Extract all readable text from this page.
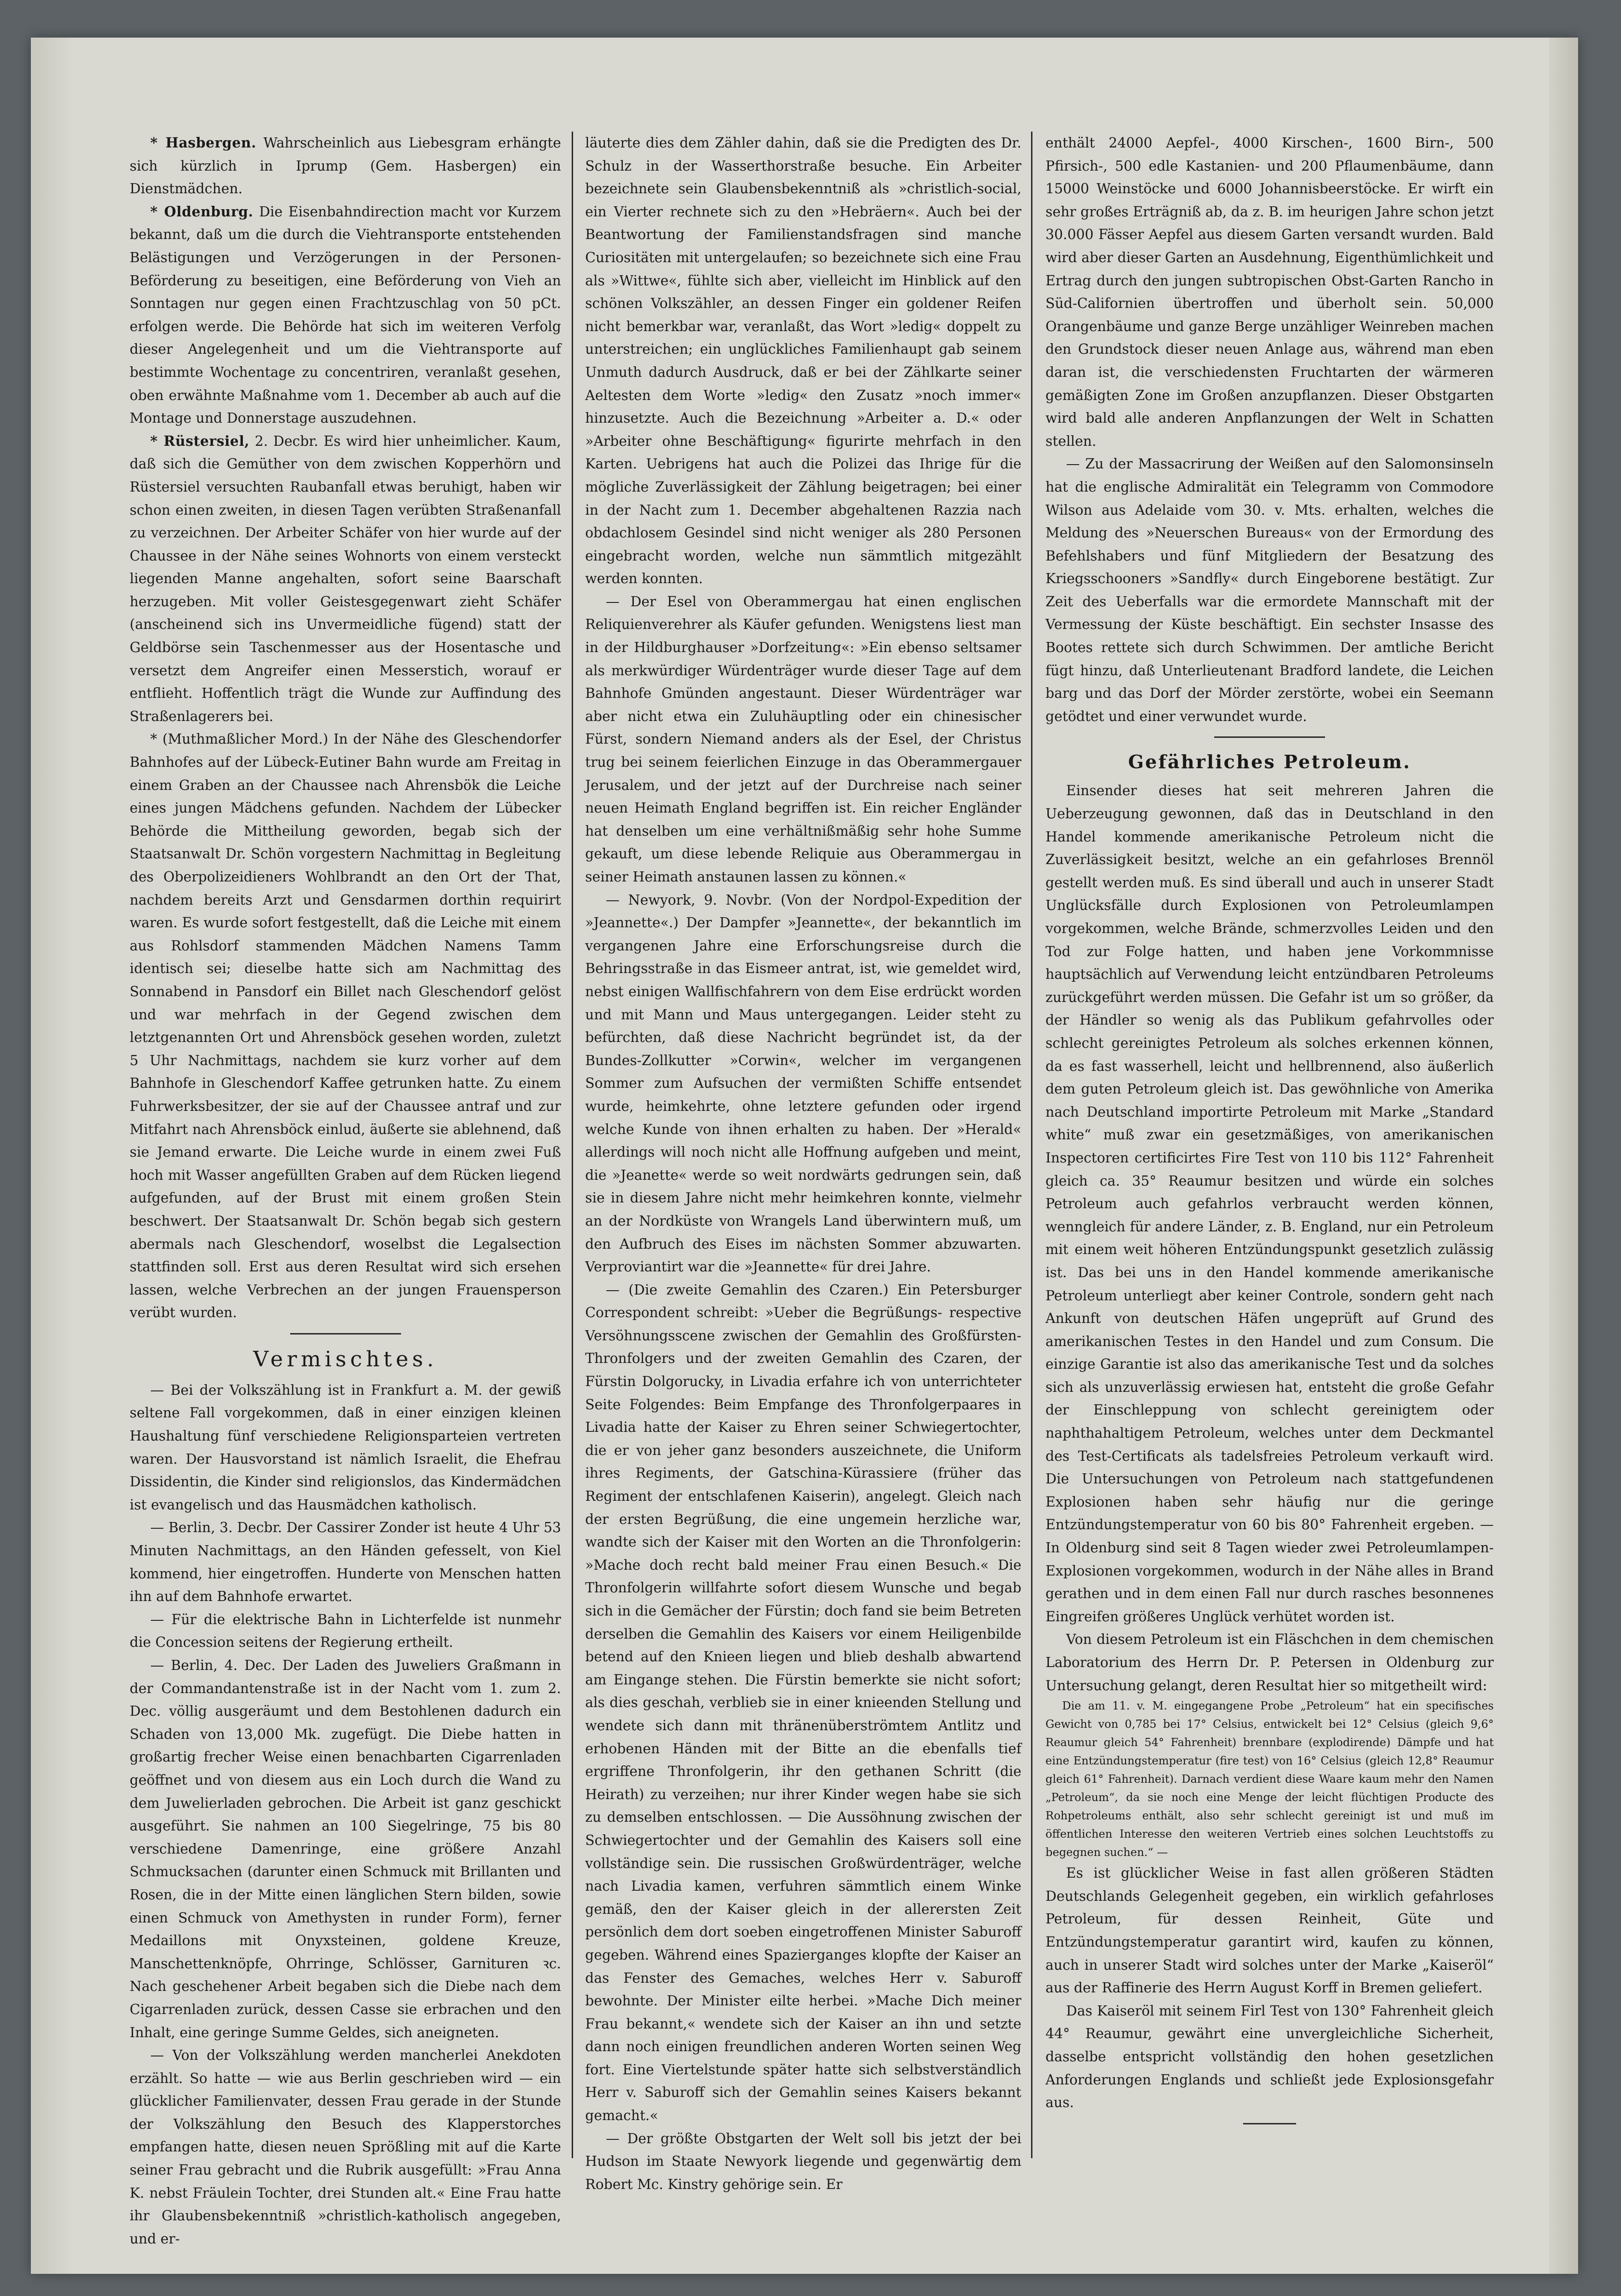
* Hasbergen. Wahrscheinlich aus Liebesgram erhängte sich kürzlich in Iprump (Gem. Hasbergen) ein Dienstmädchen.

* Oldenburg. Die Eisenbahndirection macht vor Kurzem bekannt, daß um die durch die Viehtransporte entstehenden Belästigungen und Verzögerungen in der Personen-Beförderung zu beseitigen, eine Beförderung von Vieh an Sonntagen nur gegen einen Frachtzuschlag von 50 pCt. erfolgen werde. Die Behörde hat sich im weiteren Verfolg dieser Angelegenheit und um die Viehtransporte auf bestimmte Wochentage zu concentriren, veranlaßt gesehen, oben erwähnte Maßnahme vom 1. December ab auch auf die Montage und Donnerstage auszudehnen.

* Rüstersiel, 2. Decbr. Es wird hier unheimlicher. Kaum, daß sich die Gemüther von dem zwischen Kopperhörn und Rüstersiel versuchten Raubanfall etwas beruhigt, haben wir schon einen zweiten, in diesen Tagen verübten Straßenanfall zu verzeichnen. Der Arbeiter Schäfer von hier wurde auf der Chaussee in der Nähe seines Wohnorts von einem versteckt liegenden Manne angehalten, sofort seine Baarschaft herzugeben. Mit voller Geistesgegenwart zieht Schäfer (anscheinend sich ins Unvermeidliche fügend) statt der Geldbörse sein Taschenmesser aus der Hosentasche und versetzt dem Angreifer einen Messerstich, worauf er entflieht. Hoffentlich trägt die Wunde zur Auffindung des Straßenlagerers bei.

* (Muthmaßlicher Mord.) In der Nähe des Gleschendorfer Bahnhofes auf der Lübeck-Eutiner Bahn wurde am Freitag in einem Graben an der Chaussee nach Ahrensbök die Leiche eines jungen Mädchens gefunden. Nachdem der Lübecker Behörde die Mittheilung geworden, begab sich der Staatsanwalt Dr. Schön vorgestern Nachmittag in Begleitung des Oberpolizeidieners Wohlbrandt an den Ort der That, nachdem bereits Arzt und Gensdarmen dorthin requirirt waren. Es wurde sofort festgestellt, daß die Leiche mit einem aus Rohlsdorf stammenden Mädchen Namens Tamm identisch sei; dieselbe hatte sich am Nachmittag des Sonnabend in Pansdorf ein Billet nach Gleschendorf gelöst und war mehrfach in der Gegend zwischen dem letztgenannten Ort und Ahrensböck gesehen worden, zuletzt 5 Uhr Nachmittags, nachdem sie kurz vorher auf dem Bahnhofe in Gleschendorf Kaffee getrunken hatte. Zu einem Fuhrwerksbesitzer, der sie auf der Chaussee antraf und zur Mitfahrt nach Ahrensböck einlud, äußerte sie ablehnend, daß sie Jemand erwarte. Die Leiche wurde in einem zwei Fuß hoch mit Wasser angefüllten Graben auf dem Rücken liegend aufgefunden, auf der Brust mit einem großen Stein beschwert. Der Staatsanwalt Dr. Schön begab sich gestern abermals nach Gleschendorf, woselbst die Legalsection stattfinden soll. Erst aus deren Resultat wird sich ersehen lassen, welche Verbrechen an der jungen Frauensperson verübt wurden.

Vermischtes.

— Bei der Volkszählung ist in Frankfurt a. M. der gewiß seltene Fall vorgekommen, daß in einer einzigen kleinen Haushaltung fünf verschiedene Religionsparteien vertreten waren. Der Hausvorstand ist nämlich Israelit, die Ehefrau Dissidentin, die Kinder sind religionslos, das Kindermädchen ist evangelisch und das Hausmädchen katholisch.

— Berlin, 3. Decbr. Der Cassirer Zonder ist heute 4 Uhr 53 Minuten Nachmittags, an den Händen gefesselt, von Kiel kommend, hier eingetroffen. Hunderte von Menschen hatten ihn auf dem Bahnhofe erwartet.

— Für die elektrische Bahn in Lichterfelde ist nunmehr die Concession seitens der Regierung ertheilt.

— Berlin, 4. Dec. Der Laden des Juweliers Graßmann in der Commandantenstraße ist in der Nacht vom 1. zum 2. Dec. völlig ausgeräumt und dem Bestohlenen dadurch ein Schaden von 13,000 Mk. zugefügt. Die Diebe hatten in großartig frecher Weise einen benachbarten Cigarrenladen geöffnet und von diesem aus ein Loch durch die Wand zu dem Juwelierladen gebrochen. Die Arbeit ist ganz geschickt ausgeführt. Sie nahmen an 100 Siegelringe, 75 bis 80 verschiedene Damenringe, eine größere Anzahl Schmucksachen (darunter einen Schmuck mit Brillanten und Rosen, die in der Mitte einen länglichen Stern bilden, sowie einen Schmuck von Amethysten in runder Form), ferner Medaillons mit Onyxsteinen, goldene Kreuze, Manschettenknöpfe, Ohrringe, Schlösser, Garnituren ꝛc. Nach geschehener Arbeit begaben sich die Diebe nach dem Cigarrenladen zurück, dessen Casse sie erbrachen und den Inhalt, eine geringe Summe Geldes, sich aneigneten.

— Von der Volkszählung werden mancherlei Anekdoten erzählt. So hatte — wie aus Berlin geschrieben wird — ein glücklicher Familienvater, dessen Frau gerade in der Stunde der Volkszählung den Besuch des Klapperstorches empfangen hatte, diesen neuen Sprößling mit auf die Karte seiner Frau gebracht und die Rubrik ausgefüllt: »Frau Anna K. nebst Fräulein Tochter, drei Stunden alt.« Eine Frau hatte ihr Glaubensbekenntniß »christlich-katholisch angegeben, und er-

läuterte dies dem Zähler dahin, daß sie die Predigten des Dr. Schulz in der Wasserthorstraße besuche. Ein Arbeiter bezeichnete sein Glaubensbekenntniß als »christlich-social, ein Vierter rechnete sich zu den »Hebräern«. Auch bei der Beantwortung der Familienstandsfragen sind manche Curiositäten mit untergelaufen; so bezeichnete sich eine Frau als »Wittwe«, fühlte sich aber, vielleicht im Hinblick auf den schönen Volkszähler, an dessen Finger ein goldener Reifen nicht bemerkbar war, veranlaßt, das Wort »ledig« doppelt zu unterstreichen; ein unglückliches Familienhaupt gab seinem Unmuth dadurch Ausdruck, daß er bei der Zählkarte seiner Aeltesten dem Worte »ledig« den Zusatz »noch immer« hinzusetzte. Auch die Bezeichnung »Arbeiter a. D.« oder »Arbeiter ohne Beschäftigung« figurirte mehrfach in den Karten. Uebrigens hat auch die Polizei das Ihrige für die mögliche Zuverlässigkeit der Zählung beigetragen; bei einer in der Nacht zum 1. December abgehaltenen Razzia nach obdachlosem Gesindel sind nicht weniger als 280 Personen eingebracht worden, welche nun sämmtlich mitgezählt werden konnten.

— Der Esel von Oberammergau hat einen englischen Reliquienverehrer als Käufer gefunden. Wenigstens liest man in der Hildburghauser »Dorfzeitung«: »Ein ebenso seltsamer als merkwürdiger Würdenträger wurde dieser Tage auf dem Bahnhofe Gmünden angestaunt. Dieser Würdenträger war aber nicht etwa ein Zuluhäuptling oder ein chinesischer Fürst, sondern Niemand anders als der Esel, der Christus trug bei seinem feierlichen Einzuge in das Oberammergauer Jerusalem, und der jetzt auf der Durchreise nach seiner neuen Heimath England begriffen ist. Ein reicher Engländer hat denselben um eine verhältnißmäßig sehr hohe Summe gekauft, um diese lebende Reliquie aus Oberammergau in seiner Heimath anstaunen lassen zu können.«

— Newyork, 9. Novbr. (Von der Nordpol-Expedition der »Jeannette«.) Der Dampfer »Jeannette«, der bekanntlich im vergangenen Jahre eine Erforschungsreise durch die Behringsstraße in das Eismeer antrat, ist, wie gemeldet wird, nebst einigen Wallfischfahrern von dem Eise erdrückt worden und mit Mann und Maus untergegangen. Leider steht zu befürchten, daß diese Nachricht begründet ist, da der Bundes-Zollkutter »Corwin«, welcher im vergangenen Sommer zum Aufsuchen der vermißten Schiffe entsendet wurde, heimkehrte, ohne letztere gefunden oder irgend welche Kunde von ihnen erhalten zu haben. Der »Herald« allerdings will noch nicht alle Hoffnung aufgeben und meint, die »Jeanette« werde so weit nordwärts gedrungen sein, daß sie in diesem Jahre nicht mehr heimkehren konnte, vielmehr an der Nordküste von Wrangels Land überwintern muß, um den Aufbruch des Eises im nächsten Sommer abzuwarten. Verproviantirt war die »Jeannette« für drei Jahre.

— (Die zweite Gemahlin des Czaren.) Ein Petersburger Correspondent schreibt: »Ueber die Begrüßungs- respective Versöhnungsscene zwischen der Gemahlin des Großfürsten-Thronfolgers und der zweiten Gemahlin des Czaren, der Fürstin Dolgorucky, in Livadia erfahre ich von unterrichteter Seite Folgendes: Beim Empfange des Thronfolgerpaares in Livadia hatte der Kaiser zu Ehren seiner Schwiegertochter, die er von jeher ganz besonders auszeichnete, die Uniform ihres Regiments, der Gatschina-Kürassiere (früher das Regiment der entschlafenen Kaiserin), angelegt. Gleich nach der ersten Begrüßung, die eine ungemein herzliche war, wandte sich der Kaiser mit den Worten an die Thronfolgerin: »Mache doch recht bald meiner Frau einen Besuch.« Die Thronfolgerin willfahrte sofort diesem Wunsche und begab sich in die Gemächer der Fürstin; doch fand sie beim Betreten derselben die Gemahlin des Kaisers vor einem Heiligenbilde betend auf den Knieen liegen und blieb deshalb abwartend am Eingange stehen. Die Fürstin bemerkte sie nicht sofort; als dies geschah, verblieb sie in einer knieenden Stellung und wendete sich dann mit thränenüberströmtem Antlitz und erhobenen Händen mit der Bitte an die ebenfalls tief ergriffene Thronfolgerin, ihr den gethanen Schritt (die Heirath) zu verzeihen; nur ihrer Kinder wegen habe sie sich zu demselben entschlossen. — Die Aussöhnung zwischen der Schwiegertochter und der Gemahlin des Kaisers soll eine vollständige sein. Die russischen Großwürdenträger, welche nach Livadia kamen, verfuhren sämmtlich einem Winke gemäß, den der Kaiser gleich in der allerersten Zeit persönlich dem dort soeben eingetroffenen Minister Saburoff gegeben. Während eines Spazierganges klopfte der Kaiser an das Fenster des Gemaches, welches Herr v. Saburoff bewohnte. Der Minister eilte herbei. »Mache Dich meiner Frau bekannt,« wendete sich der Kaiser an ihn und setzte dann noch einigen freundlichen anderen Worten seinen Weg fort. Eine Viertelstunde später hatte sich selbstverständlich Herr v. Saburoff sich der Gemahlin seines Kaisers bekannt gemacht.«

— Der größte Obstgarten der Welt soll bis jetzt der bei Hudson im Staate Newyork liegende und gegenwärtig dem Robert Mc. Kinstry gehörige sein. Er

enthält 24000 Aepfel-, 4000 Kirschen-, 1600 Birn-, 500 Pfirsich-, 500 edle Kastanien- und 200 Pflaumenbäume, dann 15000 Weinstöcke und 6000 Johannisbeerstöcke. Er wirft ein sehr großes Erträgniß ab, da z. B. im heurigen Jahre schon jetzt 30.000 Fässer Aepfel aus diesem Garten versandt wurden. Bald wird aber dieser Garten an Ausdehnung, Eigenthümlichkeit und Ertrag durch den jungen subtropischen Obst-Garten Rancho in Süd-Californien übertroffen und überholt sein. 50,000 Orangenbäume und ganze Berge unzähliger Weinreben machen den Grundstock dieser neuen Anlage aus, während man eben daran ist, die verschiedensten Fruchtarten der wärmeren gemäßigten Zone im Großen anzupflanzen. Dieser Obstgarten wird bald alle anderen Anpflanzungen der Welt in Schatten stellen.

— Zu der Massacrirung der Weißen auf den Salomonsinseln hat die englische Admiralität ein Telegramm von Commodore Wilson aus Adelaide vom 30. v. Mts. erhalten, welches die Meldung des »Neuerschen Bureaus« von der Ermordung des Befehlshabers und fünf Mitgliedern der Besatzung des Kriegsschooners »Sandfly« durch Eingeborene bestätigt. Zur Zeit des Ueberfalls war die ermordete Mannschaft mit der Vermessung der Küste beschäftigt. Ein sechster Insasse des Bootes rettete sich durch Schwimmen. Der amtliche Bericht fügt hinzu, daß Unterlieutenant Bradford landete, die Leichen barg und das Dorf der Mörder zerstörte, wobei ein Seemann getödtet und einer verwundet wurde.

Gefährliches Petroleum.

Einsender dieses hat seit mehreren Jahren die Ueberzeugung gewonnen, daß das in Deutschland in den Handel kommende amerikanische Petroleum nicht die Zuverlässigkeit besitzt, welche an ein gefahrloses Brennöl gestellt werden muß. Es sind überall und auch in unserer Stadt Unglücksfälle durch Explosionen von Petroleumlampen vorgekommen, welche Brände, schmerzvolles Leiden und den Tod zur Folge hatten, und haben jene Vorkommnisse hauptsächlich auf Verwendung leicht entzündbaren Petroleums zurückgeführt werden müssen. Die Gefahr ist um so größer, da der Händler so wenig als das Publikum gefahrvolles oder schlecht gereinigtes Petroleum als solches erkennen können, da es fast wasserhell, leicht und hellbrennend, also äußerlich dem guten Petroleum gleich ist. Das gewöhnliche von Amerika nach Deutschland importirte Petroleum mit Marke „Standard white“ muß zwar ein gesetzmäßiges, von amerikanischen Inspectoren certificirtes Fire Test von 110 bis 112° Fahrenheit gleich ca. 35° Reaumur besitzen und würde ein solches Petroleum auch gefahrlos verbraucht werden können, wenngleich für andere Länder, z. B. England, nur ein Petroleum mit einem weit höheren Entzündungspunkt gesetzlich zulässig ist. Das bei uns in den Handel kommende amerikanische Petroleum unterliegt aber keiner Controle, sondern geht nach Ankunft von deutschen Häfen ungeprüft auf Grund des amerikanischen Testes in den Handel und zum Consum. Die einzige Garantie ist also das amerikanische Test und da solches sich als unzuverlässig erwiesen hat, entsteht die große Gefahr der Einschleppung von schlecht gereinigtem oder naphthahaltigem Petroleum, welches unter dem Deckmantel des Test-Certificats als tadelsfreies Petroleum verkauft wird. Die Untersuchungen von Petroleum nach stattgefundenen Explosionen haben sehr häufig nur die geringe Entzündungstemperatur von 60 bis 80° Fahrenheit ergeben. — In Oldenburg sind seit 8 Tagen wieder zwei Petroleumlampen-Explosionen vorgekommen, wodurch in der Nähe alles in Brand gerathen und in dem einen Fall nur durch rasches besonnenes Eingreifen größeres Unglück verhütet worden ist.

Von diesem Petroleum ist ein Fläschchen in dem chemischen Laboratorium des Herrn Dr. P. Petersen in Oldenburg zur Untersuchung gelangt, deren Resultat hier so mitgetheilt wird:

Die am 11. v. M. eingegangene Probe „Petroleum“ hat ein specifisches Gewicht von 0,785 bei 17° Celsius, entwickelt bei 12° Celsius (gleich 9,6° Reaumur gleich 54° Fahrenheit) brennbare (explodirende) Dämpfe und hat eine Entzündungstemperatur (fire test) von 16° Celsius (gleich 12,8° Reaumur gleich 61° Fahrenheit). Darnach verdient diese Waare kaum mehr den Namen „Petroleum“, da sie noch eine Menge der leicht flüchtigen Producte des Rohpetroleums enthält, also sehr schlecht gereinigt ist und muß im öffentlichen Interesse den weiteren Vertrieb eines solchen Leuchtstoffs zu begegnen suchen.“ —

Es ist glücklicher Weise in fast allen größeren Städten Deutschlands Gelegenheit gegeben, ein wirklich gefahrloses Petroleum, für dessen Reinheit, Güte und Entzündungstemperatur garantirt wird, kaufen zu können, auch in unserer Stadt wird solches unter der Marke „Kaiseröl“ aus der Raffinerie des Herrn August Korff in Bremen geliefert.

Das Kaiseröl mit seinem Firl Test von 130° Fahrenheit gleich 44° Reaumur, gewährt eine unvergleichliche Sicherheit, dasselbe entspricht vollständig den hohen gesetzlichen Anforderungen Englands und schließt jede Explosionsgefahr aus.
